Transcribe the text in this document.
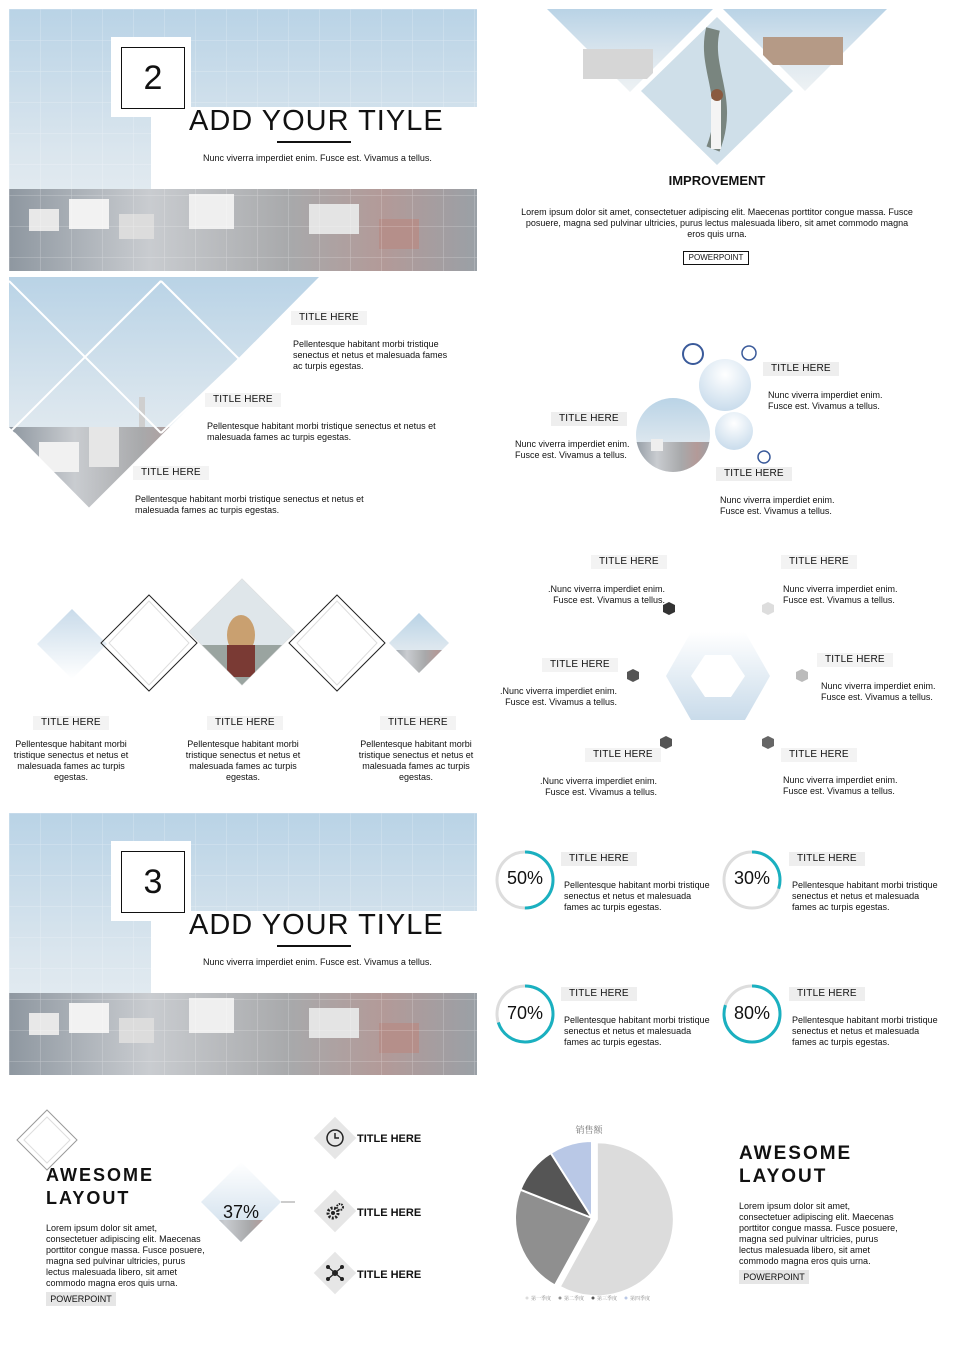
2
ADD YOUR TIYLE
Nunc viverra imperdiet enim. Fusce est. Vivamus a tellus.
IMPROVEMENT
Lorem ipsum dolor sit amet, consectetuer adipiscing elit. Maecenas porttitor congue massa. Fusce posuere, magna sed pulvinar ultricies, purus lectus malesuada libero, sit amet commodo magna eros quis urna.
POWERPOINT
TITLE HERE
Pellentesque habitant morbi tristique senectus et netus et malesuada fames ac turpis egestas.
TITLE HERE
Pellentesque habitant morbi tristique senectus et netus et malesuada fames ac turpis egestas.
TITLE HERE
Pellentesque habitant morbi tristique senectus et netus et malesuada fames ac turpis egestas.
TITLE HERE
Nunc viverra imperdiet enim. Fusce est. Vivamus a tellus.
TITLE HERE
Nunc viverra imperdiet enim. Fusce est. Vivamus a tellus.
TITLE HERE
Nunc viverra imperdiet enim. Fusce est. Vivamus a tellus.
TITLE HERE
Pellentesque habitant morbi tristique senectus et netus et malesuada fames ac turpis egestas.
TITLE HERE
Pellentesque habitant morbi tristique senectus et netus et malesuada fames ac turpis egestas.
TITLE HERE
Pellentesque habitant morbi tristique senectus et netus et malesuada fames ac turpis egestas.
TITLE HERE
.Nunc viverra imperdiet enim. Fusce est. Vivamus a tellus.
TITLE HERE
Nunc viverra imperdiet enim. Fusce est. Vivamus a tellus.
TITLE HERE
.Nunc viverra imperdiet enim. Fusce est. Vivamus a tellus.
TITLE HERE
Nunc viverra imperdiet enim. Fusce est. Vivamus a tellus.
TITLE HERE
.Nunc viverra imperdiet enim. Fusce est. Vivamus a tellus.
TITLE HERE
Nunc viverra imperdiet enim. Fusce est. Vivamus a tellus.
3
ADD YOUR TIYLE
Nunc viverra imperdiet enim. Fusce est. Vivamus a tellus.
50%
TITLE HERE
Pellentesque habitant morbi tristique senectus et netus et malesuada fames ac turpis egestas.
30%
TITLE HERE
Pellentesque habitant morbi tristique senectus et netus et malesuada fames ac turpis egestas.
70%
TITLE HERE
Pellentesque habitant morbi tristique senectus et netus et malesuada fames ac turpis egestas.
80%
TITLE HERE
Pellentesque habitant morbi tristique senectus et netus et malesuada fames ac turpis egestas.
37%
AWESOME
LAYOUT
Lorem ipsum dolor sit amet, consectetuer adipiscing elit. Maecenas porttitor congue massa. Fusce posuere, magna sed pulvinar ultricies, purus lectus malesuada libero, sit amet commodo magna eros quis urna.
POWERPOINT
TITLE HERE
TITLE HERE
TITLE HERE
销售额
第一季度	第二季度	第三季度	第四季度
AWESOME
LAYOUT
Lorem ipsum dolor sit amet, consectetuer adipiscing elit. Maecenas porttitor congue massa. Fusce posuere, magna sed pulvinar ultricies, purus lectus malesuada libero, sit amet commodo magna eros quis urna.
POWERPOINT
